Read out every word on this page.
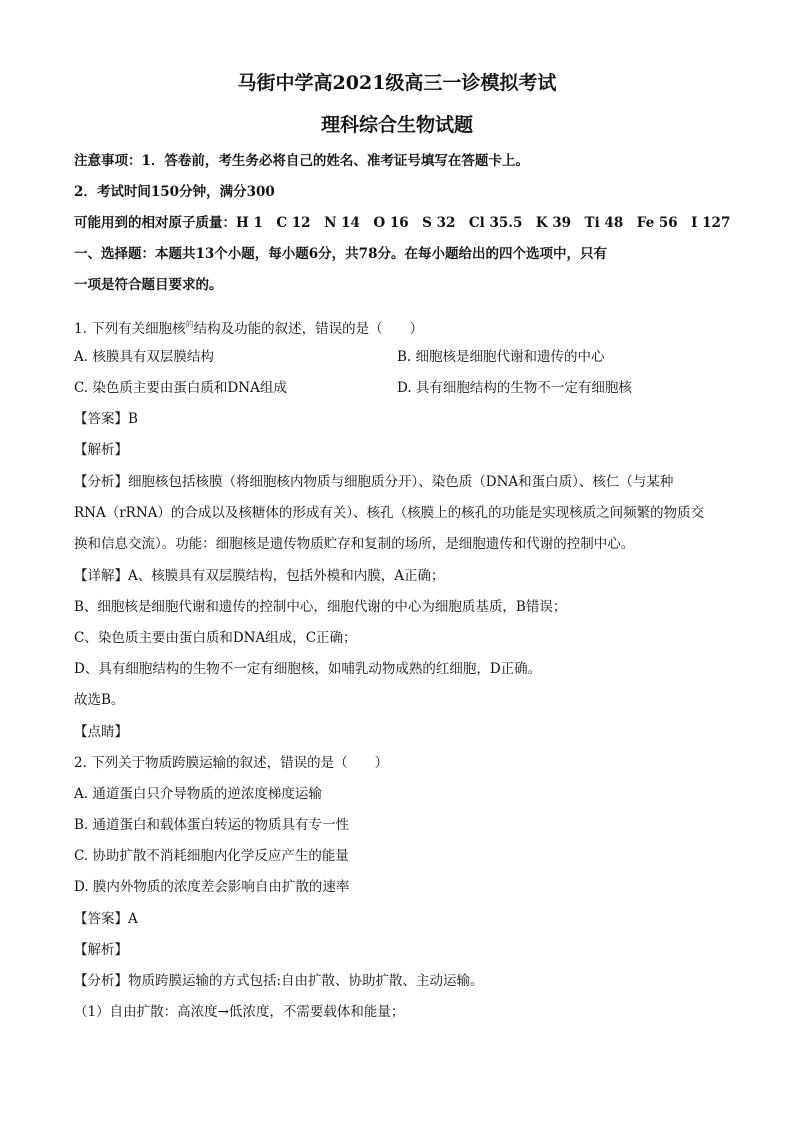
马街中学高2021级高三一诊模拟考试
理科综合生物试题
注意事项：1．答卷前，考生务必将自己的姓名、准考证号填写在答题卡上。
2．考试时间150分钟，满分300
可能用到的相对原子质量：H 1　C 12　N 14　O 16　S 32　Cl 35.5　K 39　Ti 48　Fe 56　I 127
一、选择题：本题共13个小题，每小题6分，共78分。在每小题给出的四个选项中，只有
一项是符合题目要求的。
1. 下列有关细胞核$^的$结构及功能的叙述，错误的是（　　）
A. 核膜具有双层膜结构	B. 细胞核是细胞代谢和遗传的中心
C. 染色质主要由蛋白质和DNA组成	D. 具有细胞结构的生物不一定有细胞核
【答案】B
【解析】
【分析】细胞核包括核膜（将细胞核内物质与细胞质分开）、染色质（DNA和蛋白质）、核仁（与某种
RNA（rRNA）的合成以及核糖体的形成有关）、核孔（核膜上的核孔的功能是实现核质之间频繁的物质交
换和信息交流）。功能：细胞核是遗传物质贮存和复制的场所，是细胞遗传和代谢的控制中心。
【详解】A、核膜具有双层膜结构，包括外模和内膜，A正确；
B、细胞核是细胞代谢和遗传的控制中心，细胞代谢的中心为细胞质基质，B错误；
C、染色质主要由蛋白质和DNA组成，C正确；
D、具有细胞结构的生物不一定有细胞核，如哺乳动物成熟的红细胞，D正确。
故选B。
【点睛】
2. 下列关于物质跨膜运输的叙述，错误的是（　　）
A. 通道蛋白只介导物质的逆浓度梯度运输
B. 通道蛋白和载体蛋白转运的物质具有专一性
C. 协助扩散不消耗细胞内化学反应产生的能量
D. 膜内外物质的浓度差会影响自由扩散的速率
【答案】A
【解析】
【分析】物质跨膜运输的方式包括:自由扩散、协助扩散、主动运输。
（1）自由扩散：高浓度→低浓度，不需要载体和能量；
